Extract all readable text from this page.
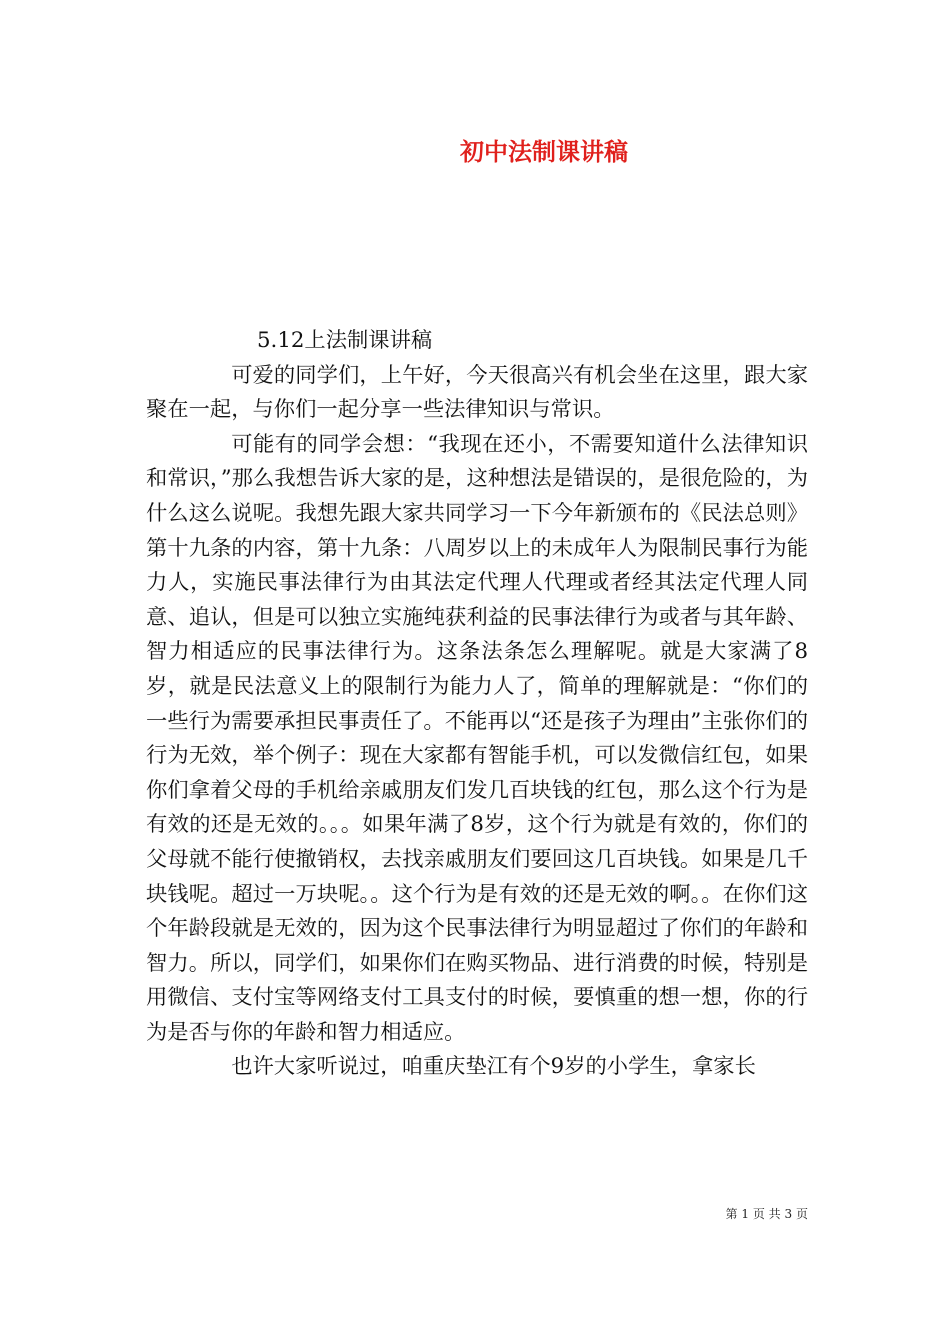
初中法制课讲稿

5.12上法制课讲稿

可爱的同学们，上午好，今天很高兴有机会坐在这里，跟大家聚在一起，与你们一起分享一些法律知识与常识。

可能有的同学会想：“我现在还小，不需要知道什么法律知识和常识，”那么我想告诉大家的是，这种想法是错误的，是很危险的，为什么这么说呢。我想先跟大家共同学习一下今年新颁布的《民法总则》第十九条的内容，第十九条：八周岁以上的未成年人为限制民事行为能力人，实施民事法律行为由其法定代理人代理或者经其法定代理人同意、追认，但是可以独立实施纯获利益的民事法律行为或者与其年龄、智力相适应的民事法律行为。这条法条怎么理解呢。就是大家满了8岁，就是民法意义上的限制行为能力人了，简单的理解就是：“你们的一些行为需要承担民事责任了。不能再以“还是孩子为理由”主张你们的行为无效，举个例子：现在大家都有智能手机，可以发微信红包，如果你们拿着父母的手机给亲戚朋友们发几百块钱的红包，那么这个行为是有效的还是无效的。。。如果年满了8岁，这个行为就是有效的，你们的父母就不能行使撤销权，去找亲戚朋友们要回这几百块钱。如果是几千块钱呢。超过一万块呢。。这个行为是有效的还是无效的啊。。在你们这个年龄段就是无效的，因为这个民事法律行为明显超过了你们的年龄和智力。所以，同学们，如果你们在购买物品、进行消费的时候，特别是用微信、支付宝等网络支付工具支付的时候，要慎重的想一想，你的行为是否与你的年龄和智力相适应。

也许大家听说过，咱重庆垫江有个9岁的小学生，拿家长

第 1 页 共 3 页
